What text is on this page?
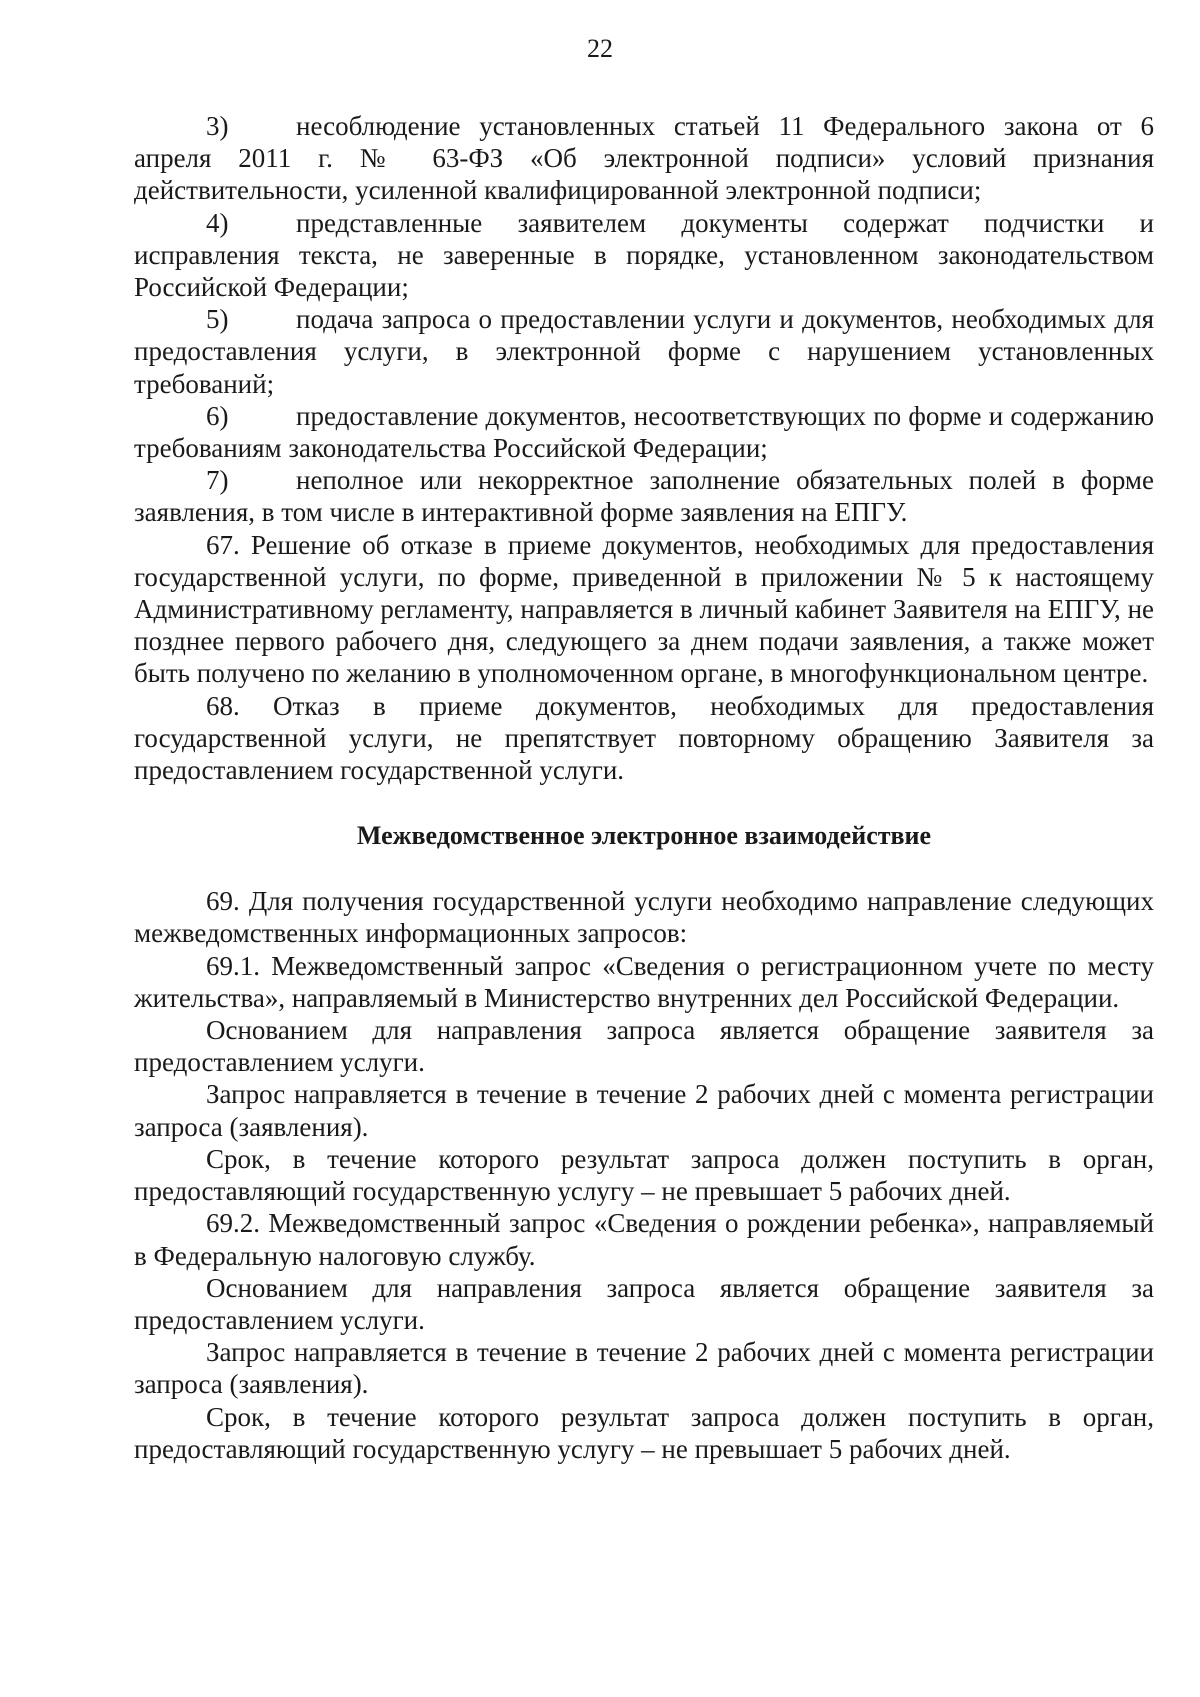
22

3)	несоблюдение установленных статьей 11 Федерального закона от 6 апреля 2011 г. № 63-ФЗ «Об электронной подписи» условий признания действительности, усиленной квалифицированной электронной подписи;

4)	представленные заявителем документы содержат подчистки и исправления текста, не заверенные в порядке, установленном законодательством Российской Федерации;

5)	подача запроса о предоставлении услуги и документов, необходимых для предоставления услуги, в электронной форме с нарушением установленных требований;

6)	предоставление документов, несоответствующих по форме и содержанию требованиям законодательства Российской Федерации;

7)	неполное или некорректное заполнение обязательных полей в форме заявления, в том числе в интерактивной форме заявления на ЕПГУ.

67. Решение об отказе в приеме документов, необходимых для предоставления государственной услуги, по форме, приведенной в приложении № 5 к настоящему Административному регламенту, направляется в личный кабинет Заявителя на ЕПГУ, не позднее первого рабочего дня, следующего за днем подачи заявления, а также может быть получено по желанию в уполномоченном органе, в многофункциональном центре.

68. Отказ в приеме документов, необходимых для предоставления государственной услуги, не препятствует повторному обращению Заявителя за предоставлением государственной услуги.

Межведомственное электронное взаимодействие

69. Для получения государственной услуги необходимо направление следующих межведомственных информационных запросов:

69.1. Межведомственный запрос «Сведения о регистрационном учете по месту жительства», направляемый в Министерство внутренних дел Российской Федерации.

Основанием для направления запроса является обращение заявителя за предоставлением услуги.

Запрос направляется в течение в течение 2 рабочих дней с момента регистрации запроса (заявления).

Срок, в течение которого результат запроса должен поступить в орган, предоставляющий государственную услугу – не превышает 5 рабочих дней.

69.2. Межведомственный запрос «Сведения о рождении ребенка», направляемый в Федеральную налоговую службу.

Основанием для направления запроса является обращение заявителя за предоставлением услуги.

Запрос направляется в течение в течение 2 рабочих дней с момента регистрации запроса (заявления).

Срок, в течение которого результат запроса должен поступить в орган, предоставляющий государственную услугу – не превышает 5 рабочих дней.
